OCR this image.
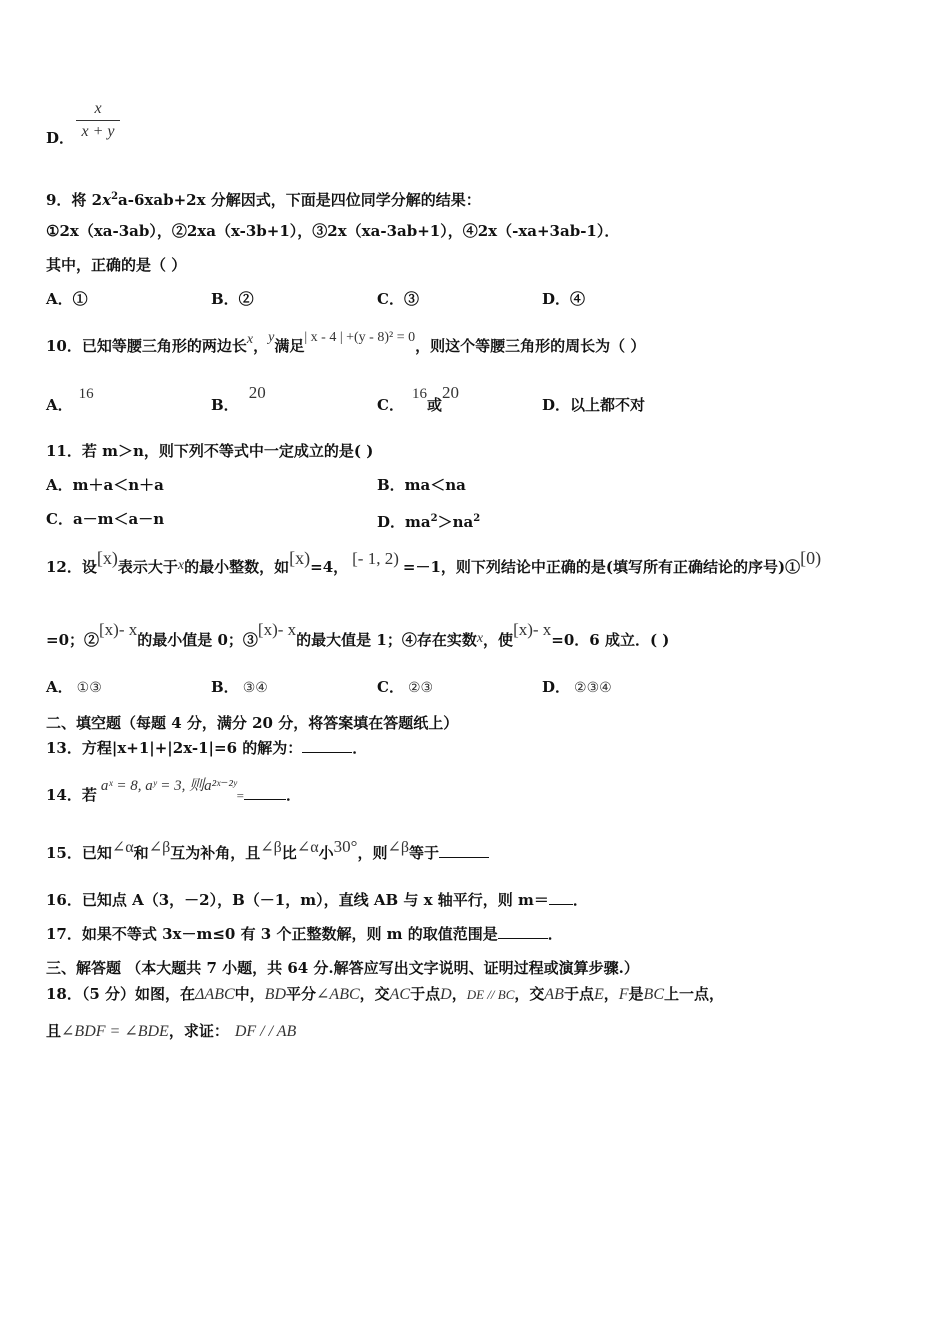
D．
x
x + y
9．将 $2x^2a-6xab+2x$ 分解因式，下面是四位同学分解的结果：
①2x（xa-3ab），②2xa（x-3b+1），③2x（xa-3ab+1），④2x（-xa+3ab-1）．
其中，正确的是（ ）
A．①	B．②	C．③	D．④
10．已知等腰三角形的两边长x，y满足| x - 4 | +(y - 8)² = 0，则这个等腰三角形的周长为（ ）
A．16
B．20
C．16或20
D．以上都不对
11．若 m＞n，则下列不等式中一定成立的是( )
A．m＋a＜n＋a	B．ma＜na
C．a－m＜a－n	D．$ma^2>na^2$
12．设[x)表示大于x的最小整数，如[x)=4， [- 1, 2) =－1，则下列结论中正确的是(填写所有正确结论的序号)①[0)
=0；②[x)- x的最小值是 0；③[x)- x的最大值是 1；④存在实数x，使[x)- x=0．6 成立．( )
A． ①③	B． ③④	C． ②③	D． ②③④
二、填空题（每题 4 分，满分 20 分，将答案填在答题纸上）
13．方程|x+1|+|2x-1|=6 的解为：	．
14．若 aˣ = 8, aʸ = 3, 则a²ˣ⁻²ʸ=	．
15．已知∠α和∠β互为补角，且∠β比∠α小30°，则∠β等于
16．已知点 A（3，－2），B（－1，m），直线 AB 与 x 轴平行，则 m＝ ．
17．如果不等式 3x－m≤0 有 3 个正整数解，则 m 的取值范围是	．
三、解答题 （本大题共 7 小题，共 64 分.解答应写出文字说明、证明过程或演算步骤.）
18．（5 分）如图，在ΔABC中，BD平分∠ABC，交AC于点D，DE // BC，交AB于点E，F是BC上一点，
且∠BDF = ∠BDE，求证： DF / / AB
